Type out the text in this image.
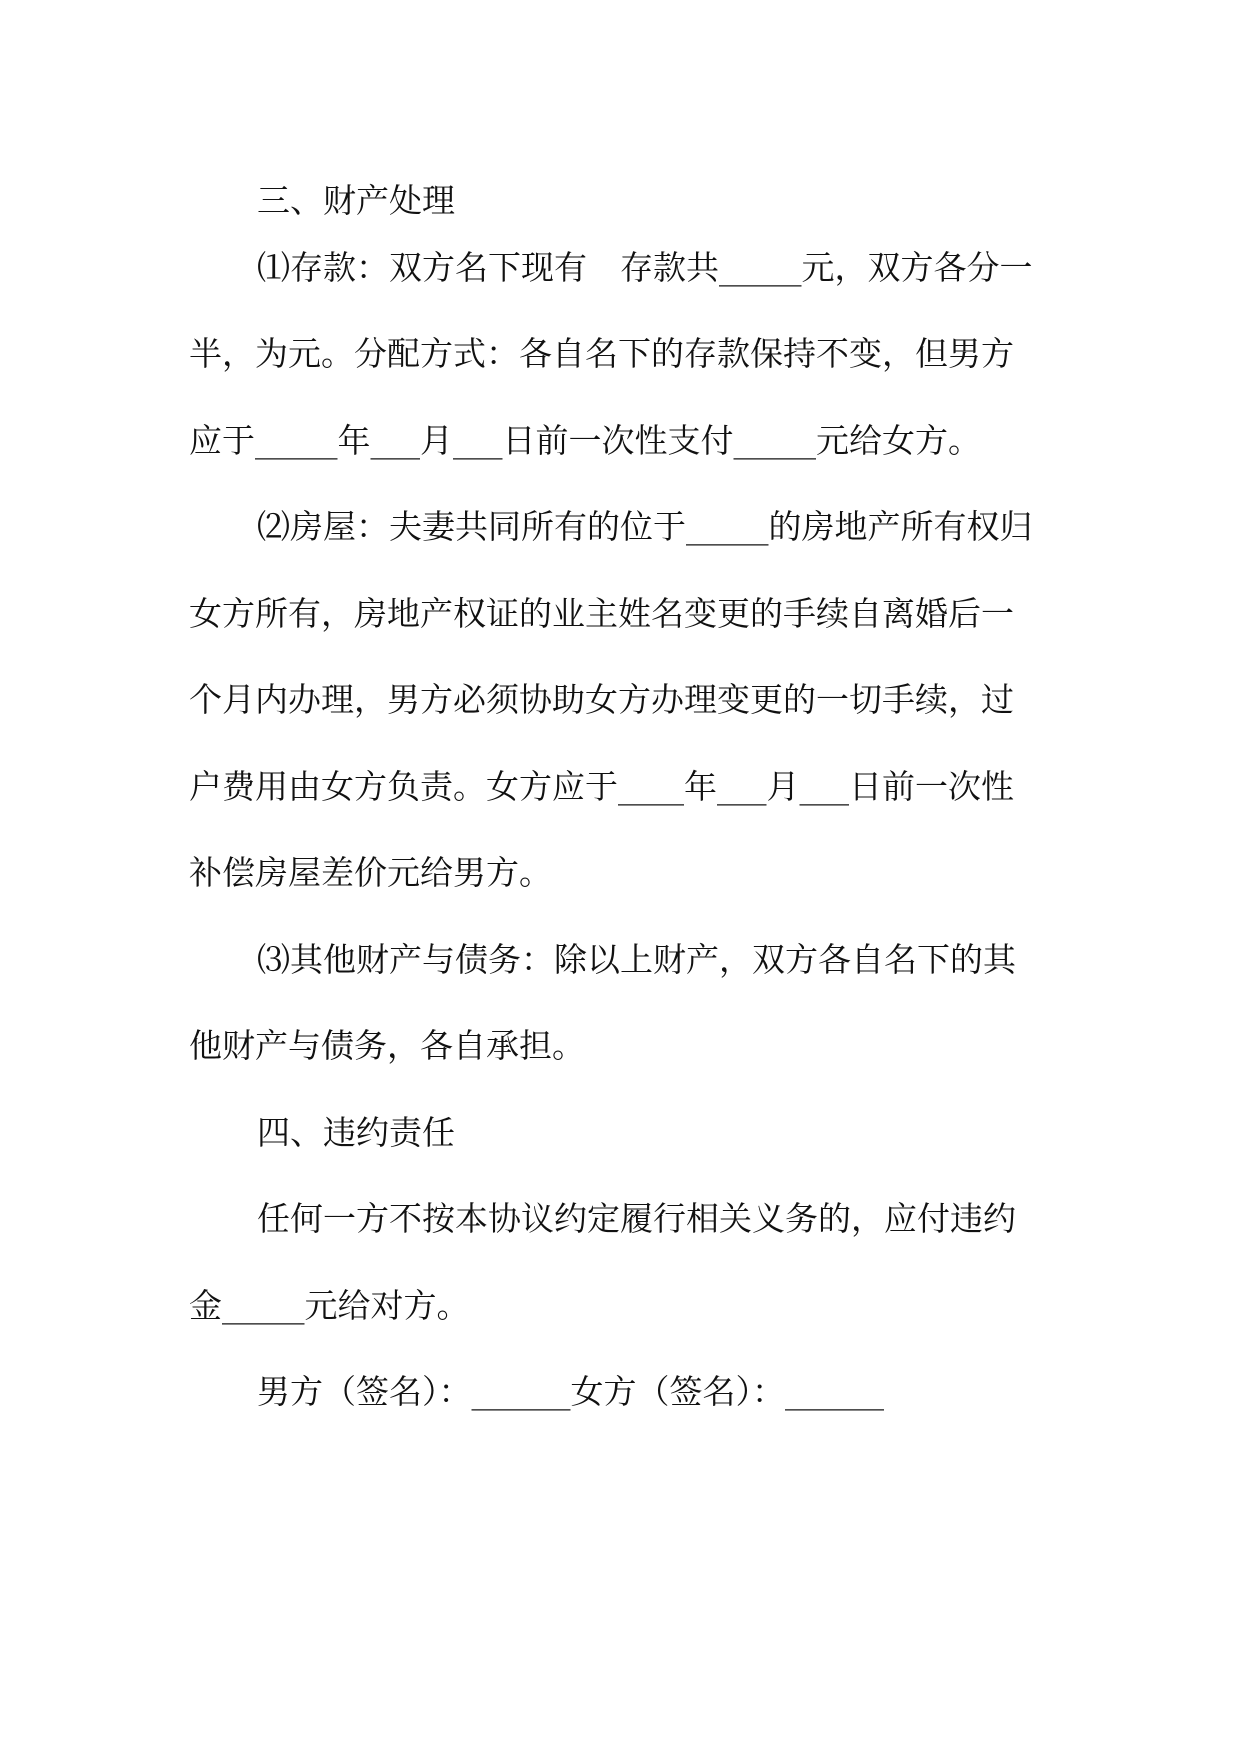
三、财产处理
⑴存款：双方名下现有　存款共_____元，双方各分一
半，为元。分配方式：各自名下的存款保持不变，但男方
应于_____年___月___日前一次性支付_____元给女方。
⑵房屋：夫妻共同所有的位于_____的房地产所有权归
女方所有，房地产权证的业主姓名变更的手续自离婚后一
个月内办理，男方必须协助女方办理变更的一切手续，过
户费用由女方负责。女方应于____年___月___日前一次性
补偿房屋差价元给男方。
⑶其他财产与债务：除以上财产，双方各自名下的其
他财产与债务，各自承担。
四、违约责任
任何一方不按本协议约定履行相关义务的，应付违约
金_____元给对方。
男方（签名）：______女方（签名）：______
